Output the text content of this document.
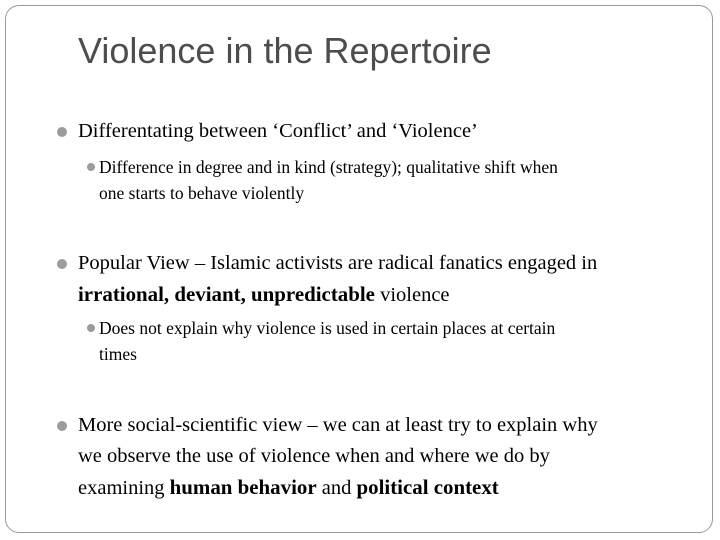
Violence in the Repertoire
Differentating between ‘Conflict’ and ‘Violence’
Difference in degree and in kind (strategy); qualitative shift when
one starts to behave violently
Popular View – Islamic activists are radical fanatics engaged in
irrational, deviant, unpredictable violence
Does not explain why violence is used in certain places at certain
times
More social-scientific view – we can at least try to explain why
we observe the use of violence when and where we do by
examining human behavior and political context
